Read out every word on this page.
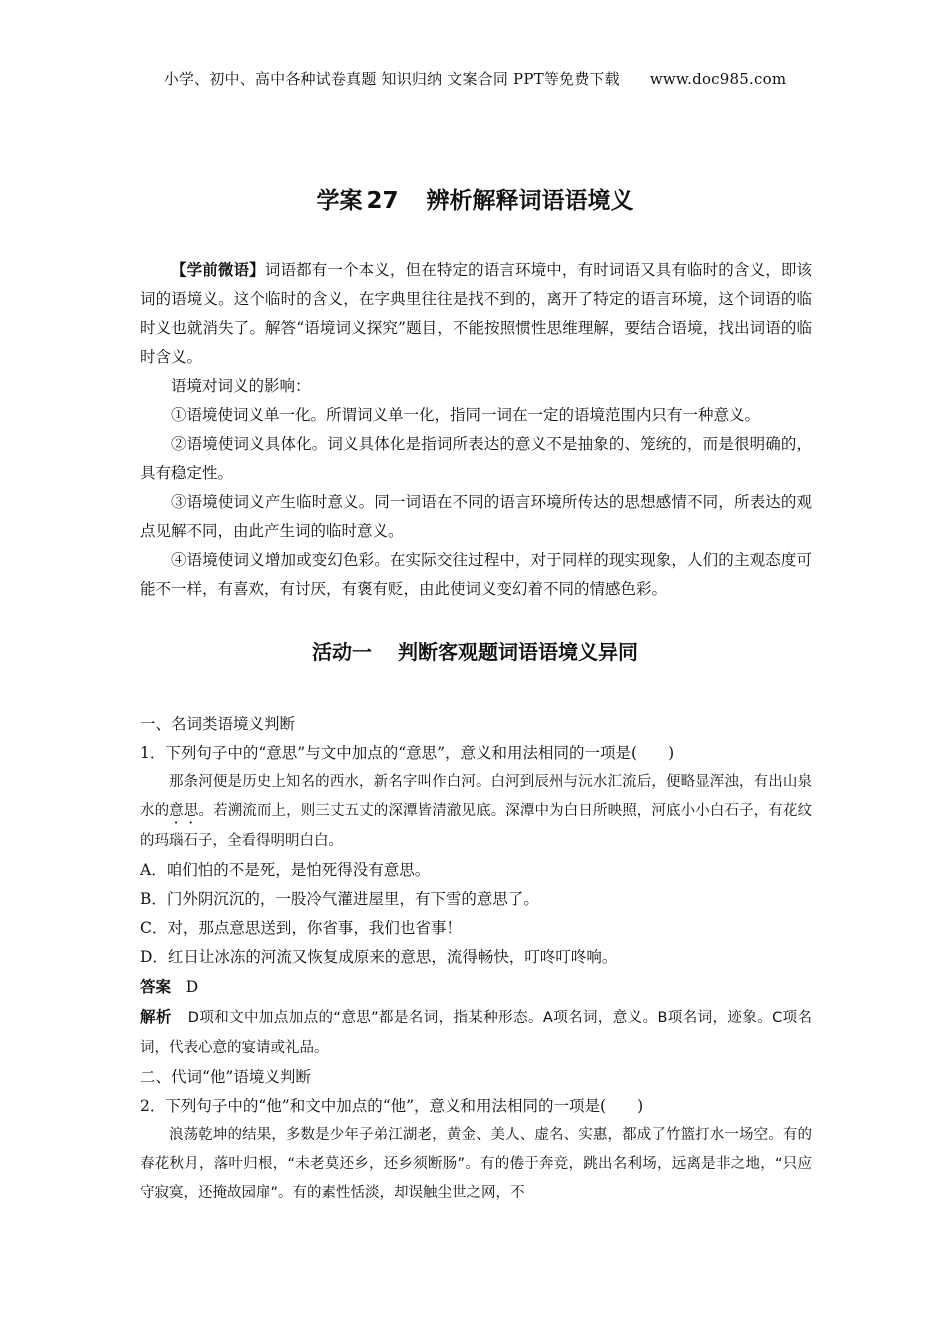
小学、初中、高中各种试卷真题 知识归纳 文案合同 PPT等免费下载 www.doc985.com
学案 27 辨析解释词语语境义

【学前微语】词语都有一个本义，但在特定的语言环境中，有时词语又具有临时的含义，即该词的语境义。这个临时的含义，在字典里往往是找不到的，离开了特定的语言环境，这个词语的临时义也就消失了。解答“语境词义探究”题目，不能按照惯性思维理解，要结合语境，找出词语的临时含义。

语境对词义的影响：

①语境使词义单一化。所谓词义单一化，指同一词在一定的语境范围内只有一种意义。

②语境使词义具体化。词义具体化是指词所表达的意义不是抽象的、笼统的，而是很明确的，具有稳定性。

③语境使词义产生临时意义。同一词语在不同的语言环境所传达的思想感情不同，所表达的观点见解不同，由此产生词的临时意义。

④语境使词义增加或变幻色彩。在实际交往过程中，对于同样的现实现象，人们的主观态度可能不一样，有喜欢，有讨厌，有褒有贬，由此使词义变幻着不同的情感色彩。

活动一 判断客观题词语语境义异同

一、名词类语境义判断

1．下列句子中的“意思”与文中加点的“意思”，意义和用法相同的一项是(　　)

那条河便是历史上知名的西水，新名字叫作白河。白河到辰州与沅水汇流后，便略显浑浊，有出山泉水的意思。若溯流而上，则三丈五丈的深潭皆清澈见底。深潭中为白日所映照，河底小小白石子，有花纹的玛瑙石子，全看得明明白白。

A．咱们怕的不是死，是怕死得没有意思。

B．门外阴沉沉的，一股冷气灌进屋里，有下雪的意思了。

C．对，那点意思送到，你省事，我们也省事！

D．红日让冰冻的河流又恢复成原来的意思，流得畅快，叮咚叮咚响。

答案 D

解析 D项和文中加点加点的“意思”都是名词，指某种形态。A项名词，意义。B项名词，迹象。C项名词，代表心意的宴请或礼品。

二、代词“他”语境义判断

2．下列句子中的“他”和文中加点的“他”，意义和用法相同的一项是(　　)

浪荡乾坤的结果，多数是少年子弟江湖老，黄金、美人、虚名、实惠，都成了竹篮打水一场空。有的春花秋月，落叶归根，“未老莫还乡，还乡须断肠”。有的倦于奔竞，跳出名利场，远离是非之地，“只应守寂寞，还掩故园扉”。有的素性恬淡，却误触尘世之网，不
